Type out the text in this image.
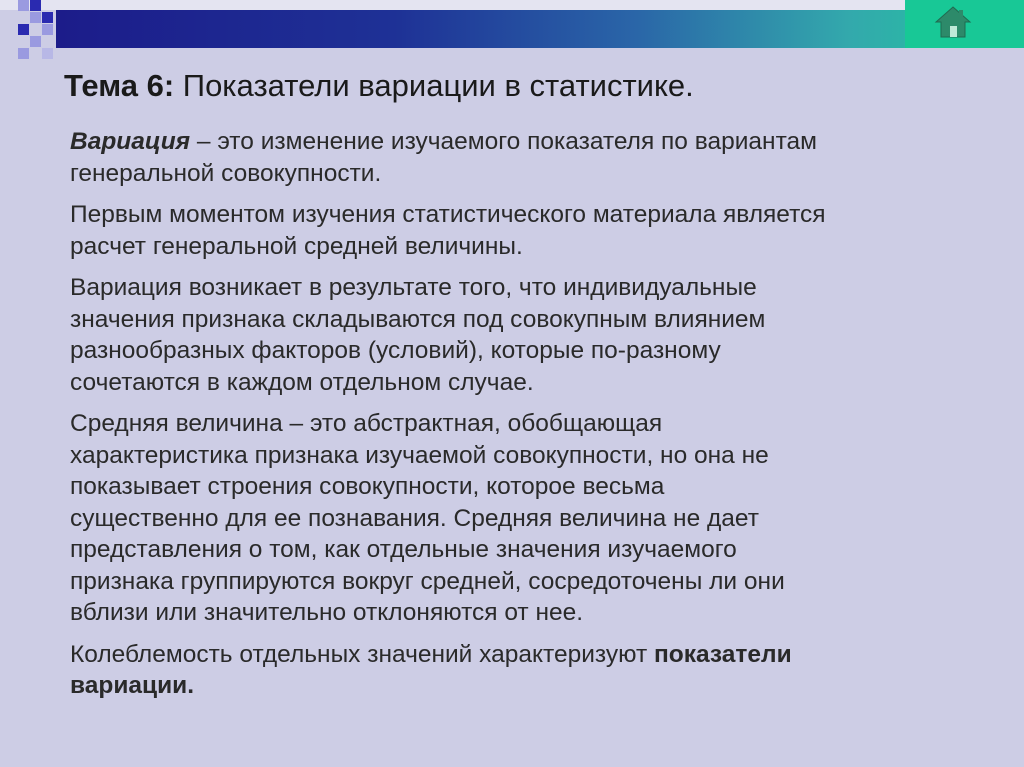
Тема 6: Показатели вариации в статистике.

Вариация – это изменение изучаемого показателя по вариантам
генеральной совокупности.

Первым моментом изучения статистического материала является
расчет генеральной средней величины.

Вариация возникает в результате того, что индивидуальные
значения признака складываются под совокупным влиянием
разнообразных факторов (условий), которые по-разному
сочетаются в каждом отдельном случае.

Средняя величина – это абстрактная, обобщающая
характеристика признака изучаемой совокупности, но она не
показывает строения совокупности, которое весьма
существенно для ее познавания. Средняя величина не дает
представления о том, как отдельные значения изучаемого
признака группируются вокруг средней, сосредоточены ли они
вблизи или значительно отклоняются от нее.

Колеблемость отдельных значений характеризуют показатели
вариации.
